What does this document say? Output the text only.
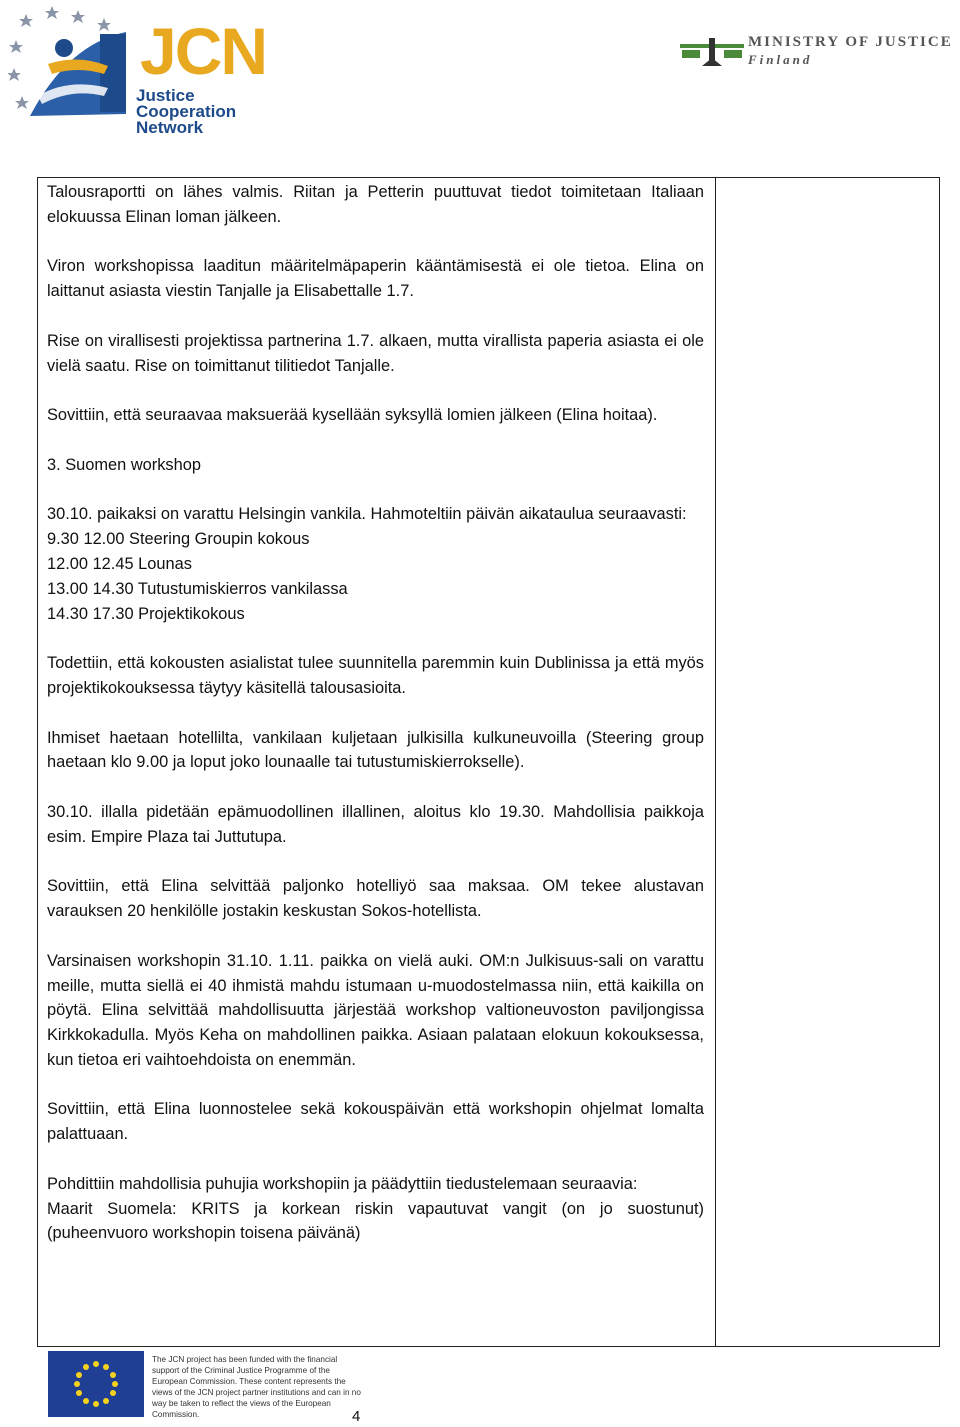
JCN
Justice
Cooperation
Network
MINISTRY OF JUSTICE
Finland

Talousraportti on lähes valmis. Riitan ja Petterin puuttuvat tiedot toimitetaan Italiaan elokuussa Elinan loman jälkeen.

Viron workshopissa laaditun määritelmäpaperin kääntämisestä ei ole tietoa. Elina on laittanut asiasta viestin Tanjalle ja Elisabettalle 1.7.

Rise on virallisesti projektissa partnerina 1.7. alkaen, mutta virallista paperia asiasta ei ole vielä saatu. Rise on toimittanut tilitiedot Tanjalle.

Sovittiin, että seuraavaa maksuerää kysellään syksyllä lomien jälkeen (Elina hoitaa).

3. Suomen workshop

30.10. paikaksi on varattu Helsingin vankila. Hahmoteltiin päivän aikataulua seuraavasti:

9.30 12.00 Steering Groupin kokous
12.00 12.45 Lounas
13.00 14.30 Tutustumiskierros vankilassa
14.30 17.30 Projektikokous

Todettiin, että kokousten asialistat tulee suunnitella paremmin kuin Dublinissa ja että myös projektikokouksessa täytyy käsitellä talousasioita.

Ihmiset haetaan hotellilta, vankilaan kuljetaan julkisilla kulkuneuvoilla (Steering group haetaan klo 9.00 ja loput joko lounaalle tai tutustumiskierrokselle).

30.10. illalla pidetään epämuodollinen illallinen, aloitus klo 19.30. Mahdollisia paikkoja esim. Empire Plaza tai Juttutupa.

Sovittiin, että Elina selvittää paljonko hotelliyö saa maksaa. OM tekee alustavan varauksen 20 henkilölle jostakin keskustan Sokos-hotellista.

Varsinaisen workshopin 31.10. 1.11. paikka on vielä auki. OM:n Julkisuus-sali on varattu meille, mutta siellä ei 40 ihmistä mahdu istumaan u-muodostelmassa niin, että kaikilla on pöytä. Elina selvittää mahdollisuutta järjestää workshop valtioneuvoston paviljongissa Kirkkokadulla. Myös Keha on mahdollinen paikka. Asiaan palataan elokuun kokouksessa, kun tietoa eri vaihtoehdoista on enemmän.

Sovittiin, että Elina luonnostelee sekä kokouspäivän että workshopin ohjelmat lomalta palattuaan.

Pohdittiin mahdollisia puhujia workshopiin ja päädyttiin tiedustelemaan seuraavia:

Maarit Suomela: KRITS ja korkean riskin vapautuvat vangit (on jo suostunut) (puheenvuoro workshopin toisena päivänä)

The JCN project has been funded with the financial support of the Criminal Justice Programme of the European Commission. These content represents the views of the JCN project partner institutions and can in no way be taken to reflect the views of the European Commission.	4
